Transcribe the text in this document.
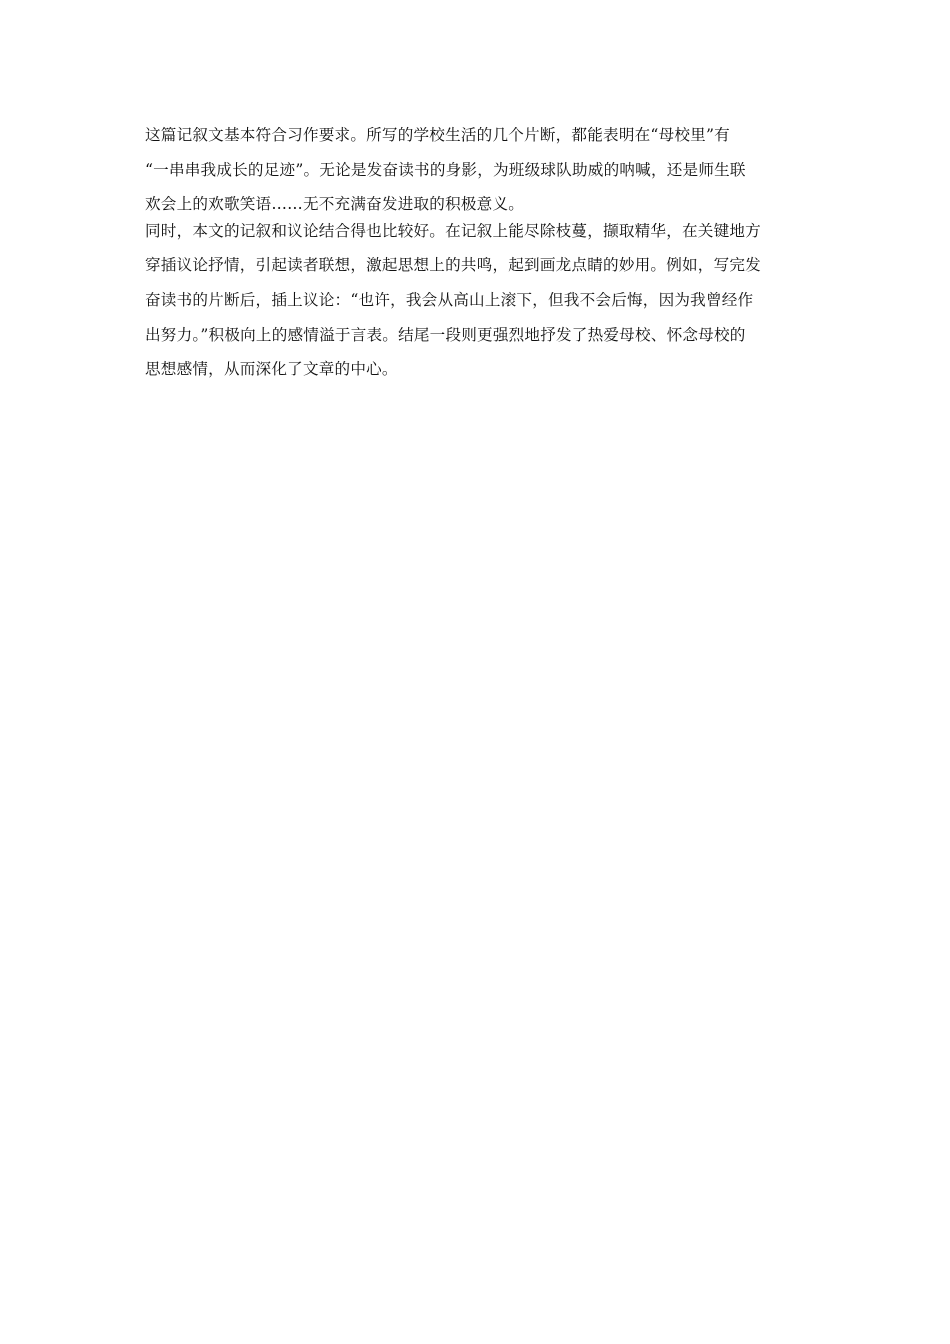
这篇记叙文基本符合习作要求。所写的学校生活的几个片断，都能表明在“母校里”有
“一串串我成长的足迹”。无论是发奋读书的身影，为班级球队助威的呐喊，还是师生联
欢会上的欢歌笑语……无不充满奋发进取的积极意义。

同时，本文的记叙和议论结合得也比较好。在记叙上能尽除枝蔓，撷取精华，在关键地方
穿插议论抒情，引起读者联想，激起思想上的共鸣，起到画龙点睛的妙用。例如，写完发
奋读书的片断后，插上议论：“也许，我会从高山上滚下，但我不会后悔，因为我曾经作
出努力。”积极向上的感情溢于言表。结尾一段则更强烈地抒发了热爱母校、怀念母校的
思想感情，从而深化了文章的中心。
